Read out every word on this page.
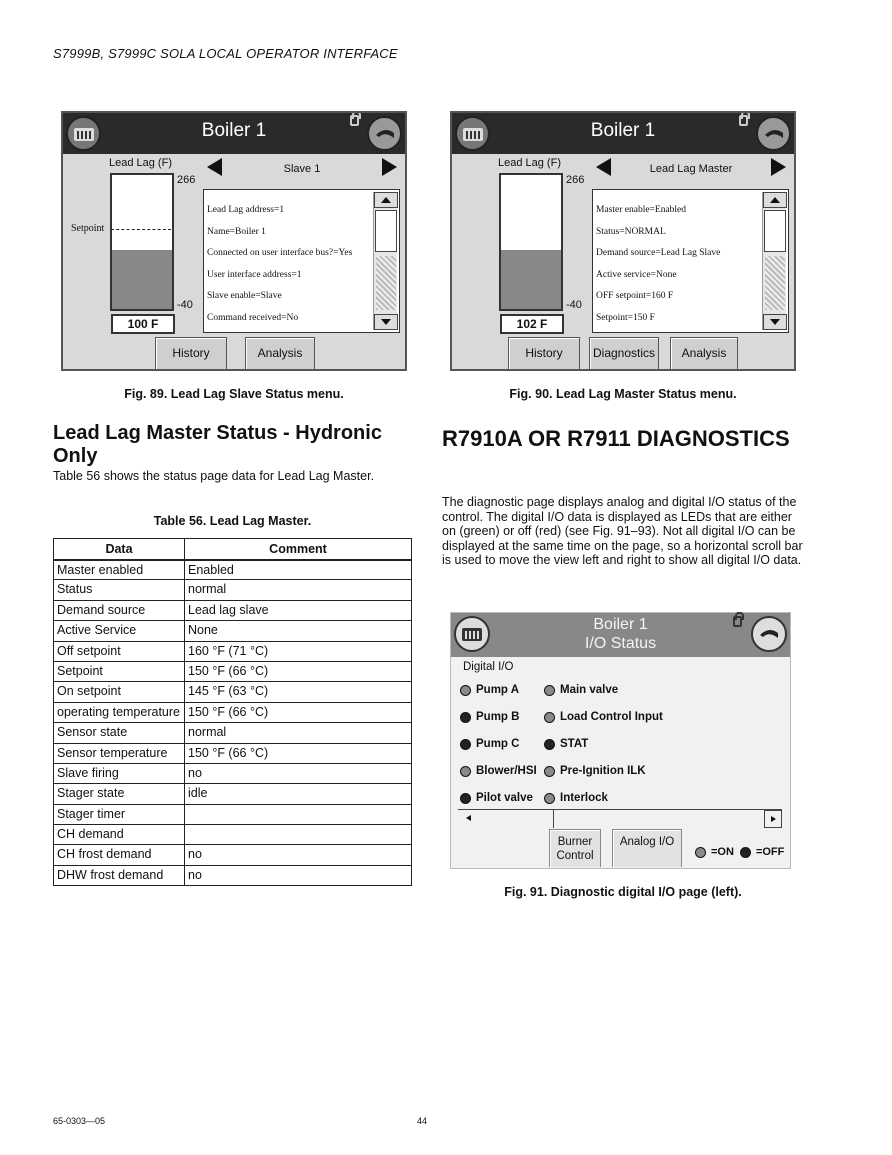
S7999B, S7999C SOLA LOCAL OPERATOR INTERFACE
Boiler 1
Lead Lag (F)
Setpoint
266
-40
100 F
Slave 1
Lead Lag address=1
Name=Boiler 1
Connected on user interface bus?=Yes
User interface address=1
Slave enable=Slave
Command received=No
History	Analysis
Fig. 89. Lead Lag Slave Status menu.
Boiler 1
Lead Lag (F)
266
-40
102 F
Lead Lag Master
Master enable=Enabled
Status=NORMAL
Demand source=Lead Lag Slave
Active service=None
OFF setpoint=160 F
Setpoint=150 F
History	Diagnostics	Analysis
Fig. 90. Lead Lag Master Status menu.
Lead Lag Master Status - Hydronic Only
Table 56 shows the status page data for Lead Lag Master.
Table 56. Lead Lag Master.
Data	Comment
Master enabled	Enabled
Status	normal
Demand source	Lead lag slave
Active Service	None
Off setpoint	160 °F (71 °C)
Setpoint	150 °F (66 °C)
On setpoint	145 °F (63 °C)
operating temperature	150 °F (66 °C)
Sensor state	normal
Sensor temperature	150 °F (66 °C)
Slave firing	no
Stager state	idle
Stager timer	
CH demand	
CH frost demand	no
DHW frost demand	no
R7910A OR R7911 DIAGNOSTICS
The diagnostic page displays analog and digital I/O status of the control. The digital I/O data is displayed as LEDs that are either on (green) or off (red) (see Fig. 91–93). Not all digital I/O can be displayed at the same time on the page, so a horizontal scroll bar is used to move the view left and right to show all digital I/O data.
Boiler 1
I/O Status
Digital I/O
Pump A
Pump B
Pump C
Blower/HSI
Pilot valve
Main valve
Load Control Input
STAT
Pre-Ignition ILK
Interlock
Burner Control
Analog I/O
=ON =OFF
Fig. 91. Diagnostic digital I/O page (left).
65-0303—05	44
